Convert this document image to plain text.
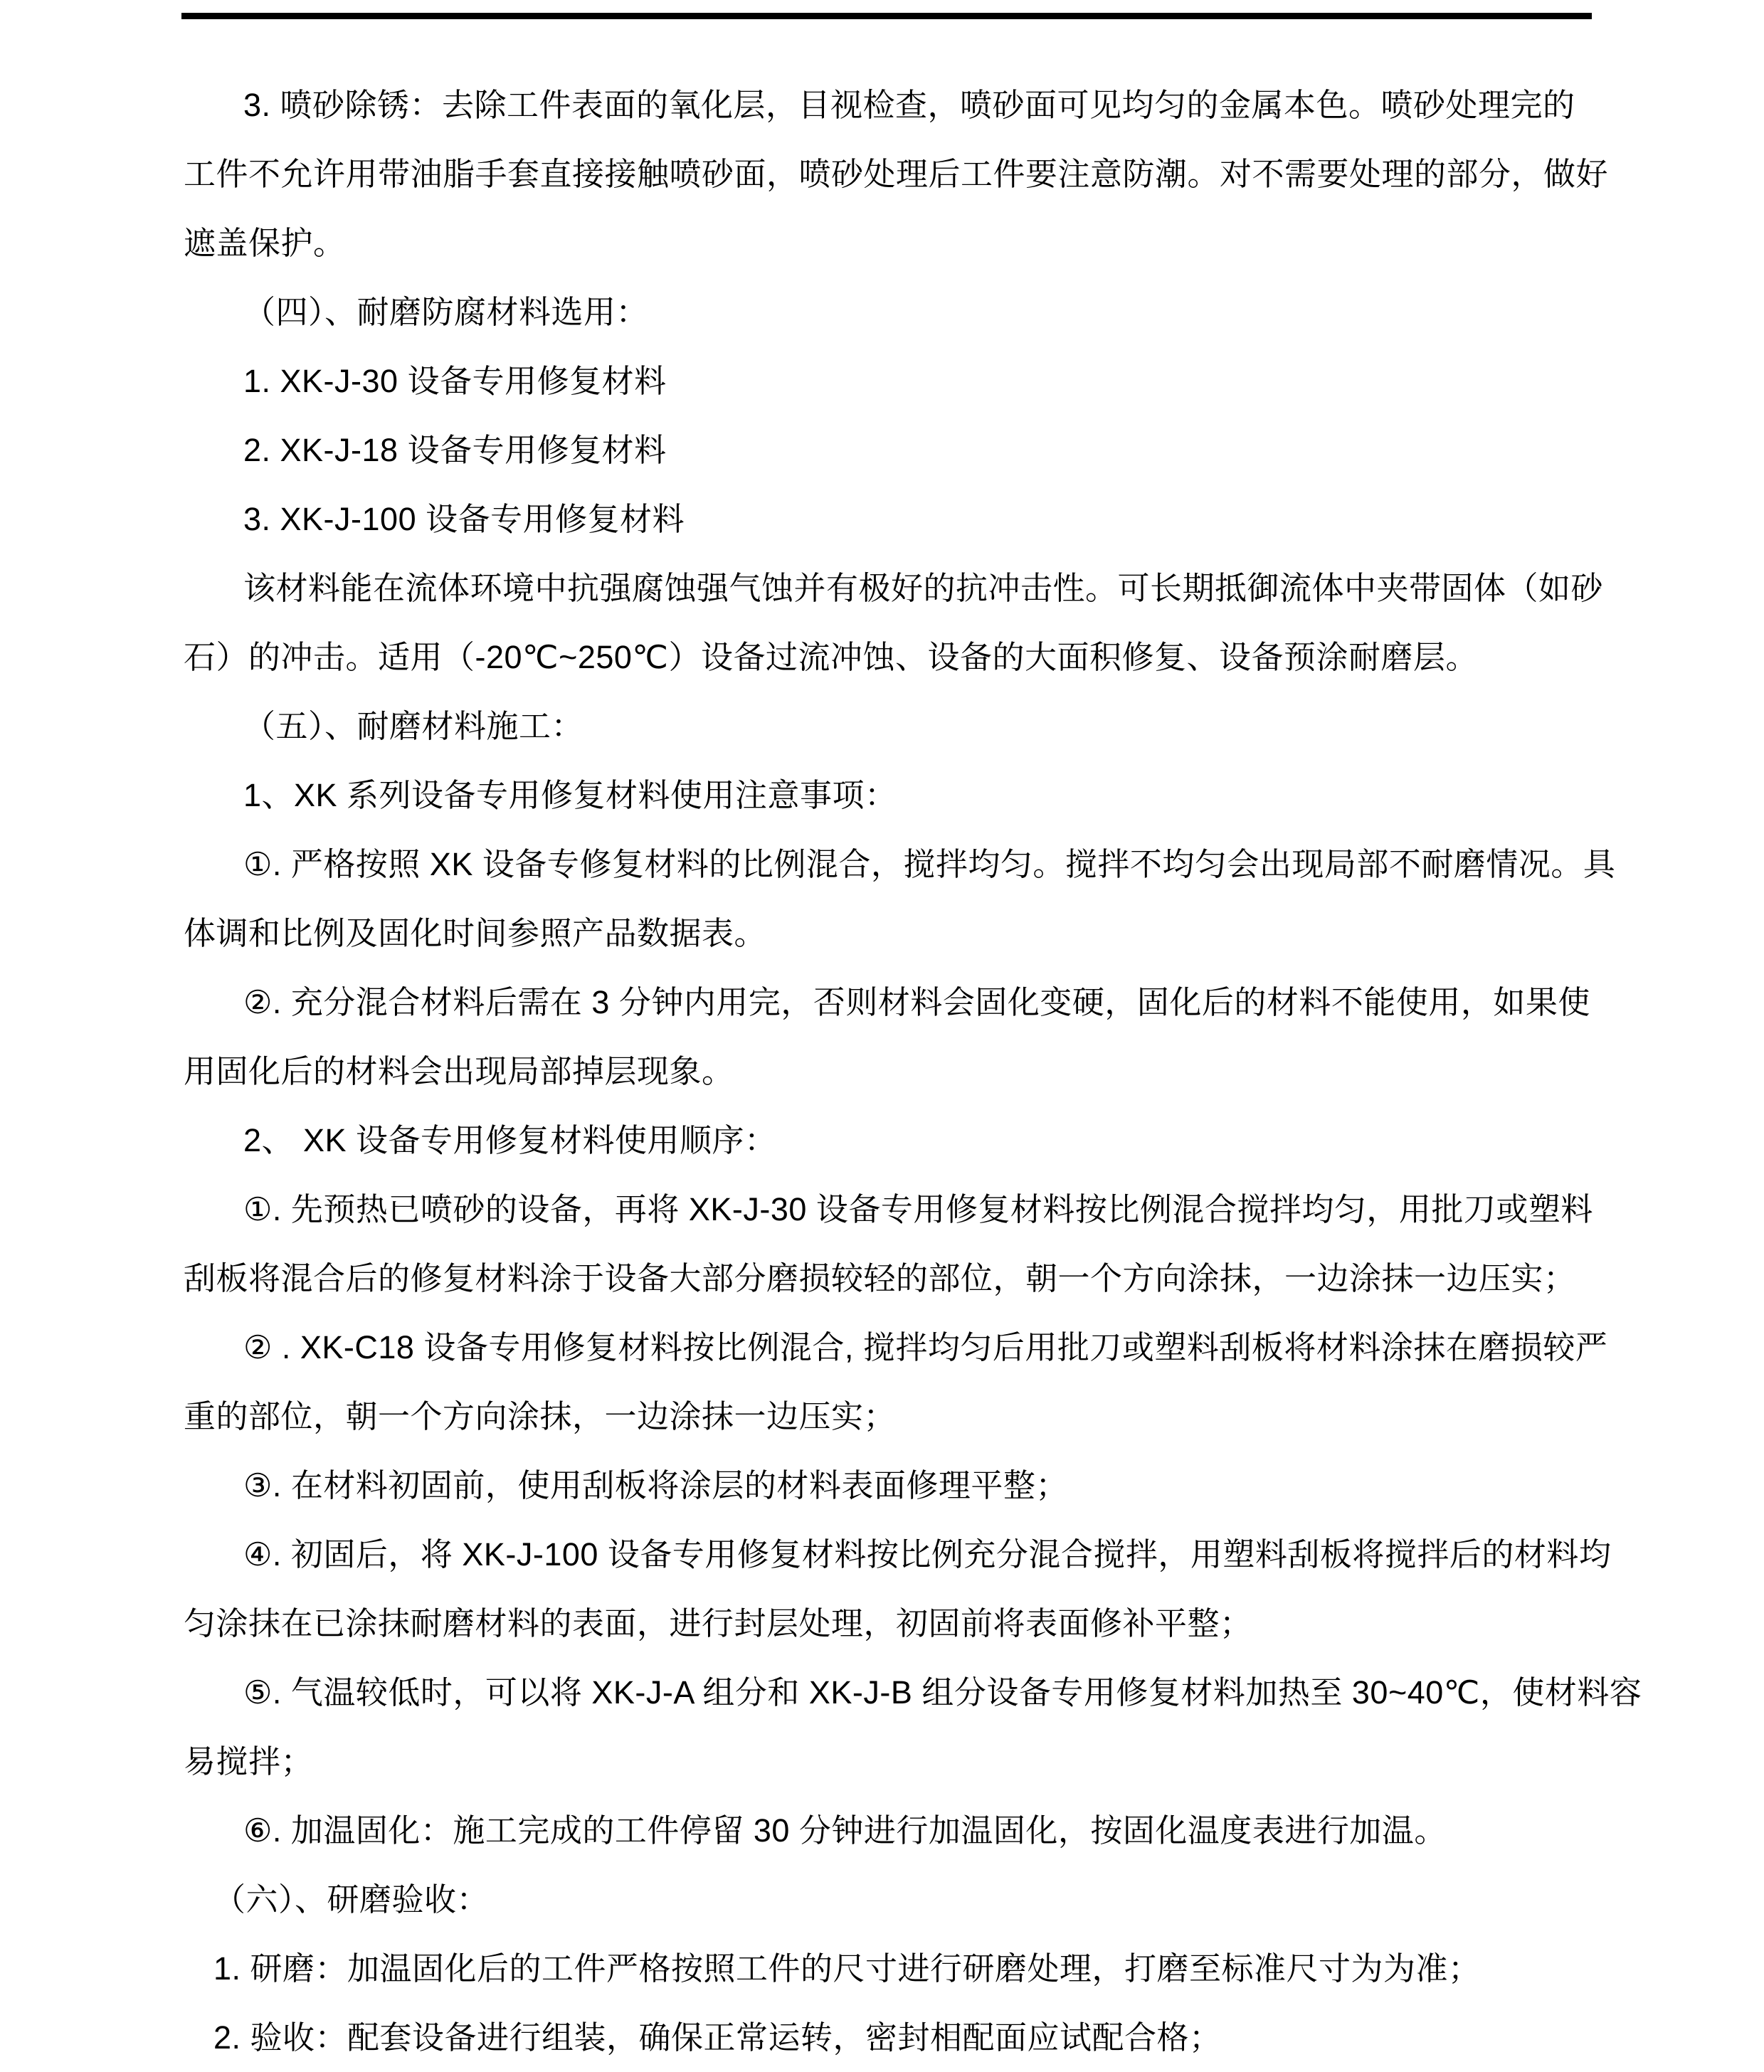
3. 喷砂除锈：去除工件表面的氧化层，目视检查，喷砂面可见均匀的金属本色。喷砂处理完的
工件不允许用带油脂手套直接接触喷砂面，喷砂处理后工件要注意防潮。对不需要处理的部分，做好
遮盖保护。
（四）、耐磨防腐材料选用：
1. XK-J-30 设备专用修复材料
2. XK-J-18 设备专用修复材料
3. XK-J-100 设备专用修复材料
该材料能在流体环境中抗强腐蚀强气蚀并有极好的抗冲击性。可长期抵御流体中夹带固体（如砂
石）的冲击。适用（-20℃~250℃）设备过流冲蚀、设备的大面积修复、设备预涂耐磨层。
（五）、耐磨材料施工：
1、XK 系列设备专用修复材料使用注意事项：
①. 严格按照 XK 设备专修复材料的比例混合，搅拌均匀。搅拌不均匀会出现局部不耐磨情况。具
体调和比例及固化时间参照产品数据表。
②. 充分混合材料后需在 3 分钟内用完，否则材料会固化变硬，固化后的材料不能使用，如果使
用固化后的材料会出现局部掉层现象。
2、 XK 设备专用修复材料使用顺序：
①. 先预热已喷砂的设备，再将 XK-J-30 设备专用修复材料按比例混合搅拌均匀，用批刀或塑料
刮板将混合后的修复材料涂于设备大部分磨损较轻的部位，朝一个方向涂抹，一边涂抹一边压实；
② . XK-C18 设备专用修复材料按比例混合, 搅拌均匀后用批刀或塑料刮板将材料涂抹在磨损较严
重的部位，朝一个方向涂抹，一边涂抹一边压实；
③. 在材料初固前，使用刮板将涂层的材料表面修理平整；
④. 初固后，将 XK-J-100 设备专用修复材料按比例充分混合搅拌，用塑料刮板将搅拌后的材料均
匀涂抹在已涂抹耐磨材料的表面，进行封层处理，初固前将表面修补平整；
⑤. 气温较低时，可以将 XK-J-A 组分和 XK-J-B 组分设备专用修复材料加热至 30~40℃，使材料容
易搅拌；
⑥. 加温固化：施工完成的工件停留 30 分钟进行加温固化，按固化温度表进行加温。
（六）、研磨验收：
1. 研磨：加温固化后的工件严格按照工件的尺寸进行研磨处理，打磨至标准尺寸为为准；
2. 验收：配套设备进行组装，确保正常运转，密封相配面应试配合格；
